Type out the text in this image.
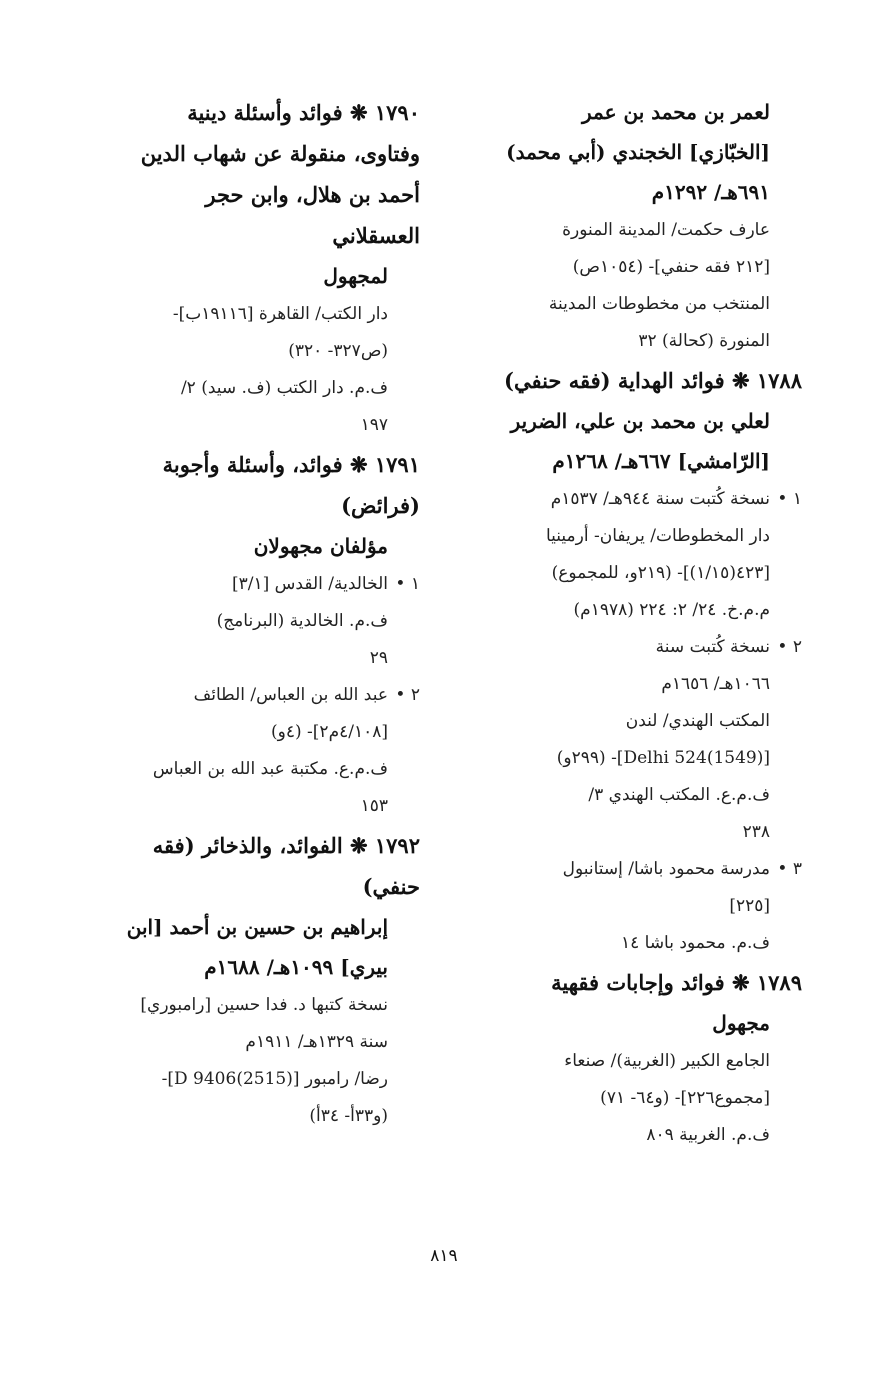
لعمر بن محمد بن عمر
[الخبّازي] الخجندي (أبي محمد)
٦٩١هـ/ ١٢٩٢م
عارف حكمت/ المدينة المنورة
[٢١٢ فقه حنفي]- (١٠٥٤ص)
المنتخب من مخطوطات المدينة
المنورة (كحالة) ٣٢
١٧٨٨ ❋ فوائد الهداية (فقه حنفي)
لعلي بن محمد بن علي، الضرير
[الرّامشي] ٦٦٧هـ/ ١٢٦٨م
١ •
نسخة كُتبت سنة ٩٤٤هـ/ ١٥٣٧م
دار المخطوطات/ يريفان- أرمينيا
[٤٢٣(١/١٥)]- (٢١٩و، للمجموع)
م.م.خ. ٢٤/ ٢: ٢٢٤ (١٩٧٨م)
٢ •
نسخة كُتبت سنة
١٠٦٦هـ/ ١٦٥٦م
المكتب الهندي/ لندن
[Delhi 524(1549)]- (٢٩٩و)
ف.م.ع. المكتب الهندي ٣/
٢٣٨
٣ •
مدرسة محمود باشا/ إستانبول
[٢٢٥]
ف.م. محمود باشا ١٤
١٧٨٩ ❋ فوائد وإجابات فقهية
مجهول
الجامع الكبير (الغربية)/ صنعاء
[مجموع٢٢٦]- (و٦٤- ٧١)
ف.م. الغربية ٨٠٩
١٧٩٠ ❋ فوائد وأسئلة دينية
وفتاوى، منقولة عن شهاب الدين
أحمد بن هلال، وابن حجر
العسقلاني
لمجهول
دار الكتب/ القاهرة [١٩١١٦ب]-
(ص٣٢٧- ٣٢٠)
ف.م. دار الكتب (ف. سيد) ٢/
١٩٧
١٧٩١ ❋ فوائد، وأسئلة وأجوبة
(فرائض)
مؤلفان مجهولان
١ •
الخالدية/ القدس [٣/١]
ف.م. الخالدية (البرنامج)
٢٩
٢ •
عبد الله بن العباس/ الطائف
[٤/١٠٨م٢]- (٤و)
ف.م.ع. مكتبة عبد الله بن العباس
١٥٣
١٧٩٢ ❋ الفوائد، والذخائر (فقه
حنفي)
إبراهيم بن حسين بن أحمد [ابن
بيري] ١٠٩٩هـ/ ١٦٨٨م
نسخة كتبها د. فدا حسين [رامبوري]
سنة ١٣٢٩هـ/ ١٩١١م
رضا/ رامبور [D 9406(2515)]-
(و٣٣أ- ٣٤أ)
٨١٩
